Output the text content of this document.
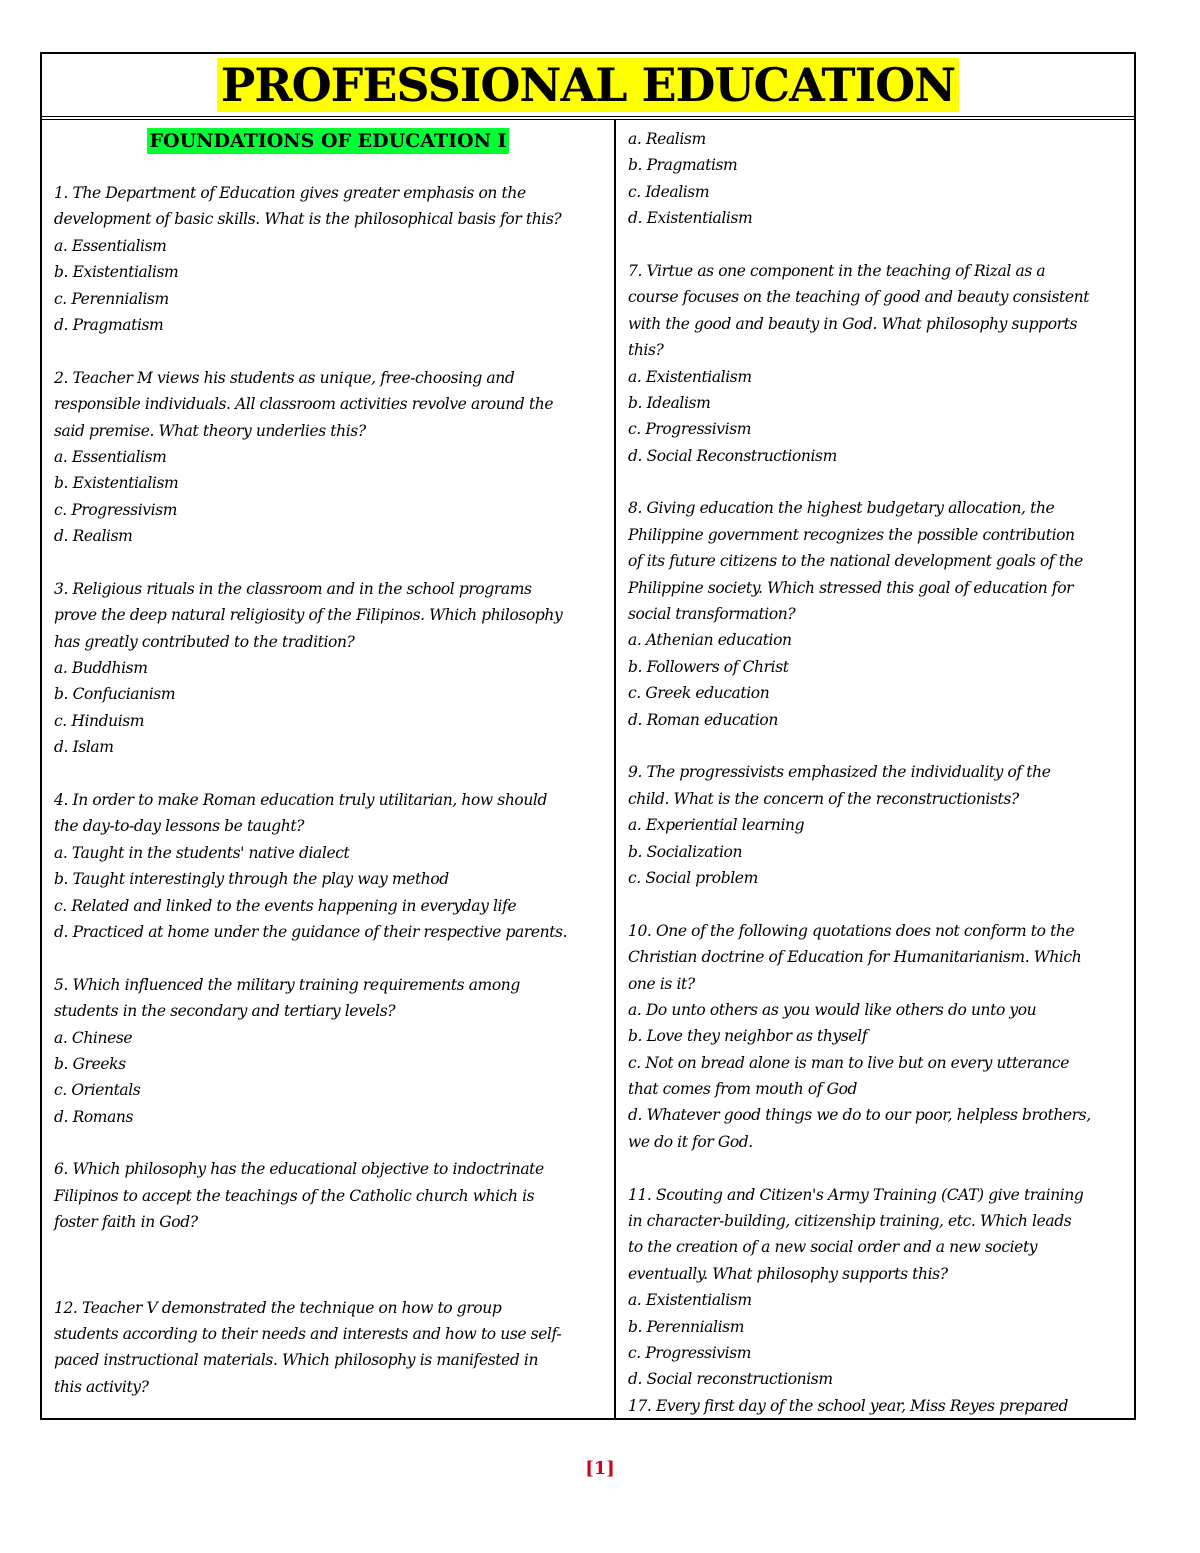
PROFESSIONAL EDUCATION
FOUNDATIONS OF EDUCATION I
1. The Department of Education gives greater emphasis on the
development of basic skills. What is the philosophical basis for this?
a. Essentialism
b. Existentialism
c. Perennialism
d. Pragmatism
2. Teacher M views his students as unique, free-choosing and
responsible individuals. All classroom activities revolve around the
said premise. What theory underlies this?
a. Essentialism
b. Existentialism
c. Progressivism
d. Realism
3. Religious rituals in the classroom and in the school programs
prove the deep natural religiosity of the Filipinos. Which philosophy
has greatly contributed to the tradition?
a. Buddhism
b. Confucianism
c. Hinduism
d. Islam
4. In order to make Roman education truly utilitarian, how should
the day-to-day lessons be taught?
a. Taught in the students' native dialect
b. Taught interestingly through the play way method
c. Related and linked to the events happening in everyday life
d. Practiced at home under the guidance of their respective parents.
5. Which influenced the military training requirements among
students in the secondary and tertiary levels?
a. Chinese
b. Greeks
c. Orientals
d. Romans
6. Which philosophy has the educational objective to indoctrinate
Filipinos to accept the teachings of the Catholic church which is
foster faith in God?
12. Teacher V demonstrated the technique on how to group
students according to their needs and interests and how to use self-
paced instructional materials. Which philosophy is manifested in
this activity?
a. Realism
b. Pragmatism
c. Idealism
d. Existentialism
7. Virtue as one component in the teaching of Rizal as a
course focuses on the teaching of good and beauty consistent
with the good and beauty in God. What philosophy supports
this?
a. Existentialism
b. Idealism
c. Progressivism
d. Social Reconstructionism
8. Giving education the highest budgetary allocation, the
Philippine government recognizes the possible contribution
of its future citizens to the national development goals of the
Philippine society. Which stressed this goal of education for
social transformation?
a. Athenian education
b. Followers of Christ
c. Greek education
d. Roman education
9. The progressivists emphasized the individuality of the
child. What is the concern of the reconstructionists?
a. Experiential learning
b. Socialization
c. Social problem
10. One of the following quotations does not conform to the
Christian doctrine of Education for Humanitarianism. Which
one is it?
a. Do unto others as you would like others do unto you
b. Love they neighbor as thyself
c. Not on bread alone is man to live but on every utterance
that comes from mouth of God
d. Whatever good things we do to our poor, helpless brothers,
we do it for God.
11. Scouting and Citizen's Army Training (CAT) give training
in character-building, citizenship training, etc. Which leads
to the creation of a new social order and a new society
eventually. What philosophy supports this?
a. Existentialism
b. Perennialism
c. Progressivism
d. Social reconstructionism
17. Every first day of the school year, Miss Reyes prepared
[1]
